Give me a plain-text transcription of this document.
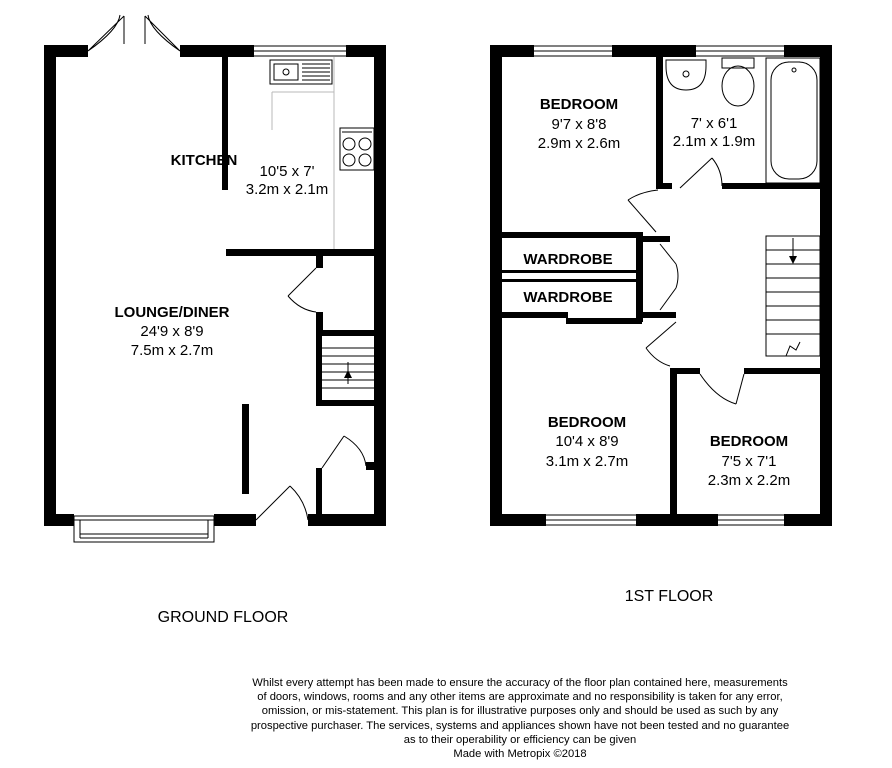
KITCHEN
10'5 x 7'
3.2m x 2.1m
LOUNGE/DINER
24'9 x 8'9
7.5m x 2.7m
GROUND FLOOR
BEDROOM
9'7 x 8'8
2.9m x 2.6m
7' x 6'1
2.1m x 1.9m
WARDROBE
WARDROBE
BEDROOM
10'4 x 8'9
3.1m x 2.7m
BEDROOM
7'5 x 7'1
2.3m x 2.2m
1ST FLOOR

Whilst every attempt has been made to ensure the accuracy of the floor plan contained here, measurements
of doors, windows, rooms and any other items are approximate and no responsibility is taken for any error,
omission, or mis-statement. This plan is for illustrative purposes only and should be used as such by any
prospective purchaser. The services, systems and appliances shown have not been tested and no guarantee
as to their operability or efficiency can be given
Made with Metropix ©2018
